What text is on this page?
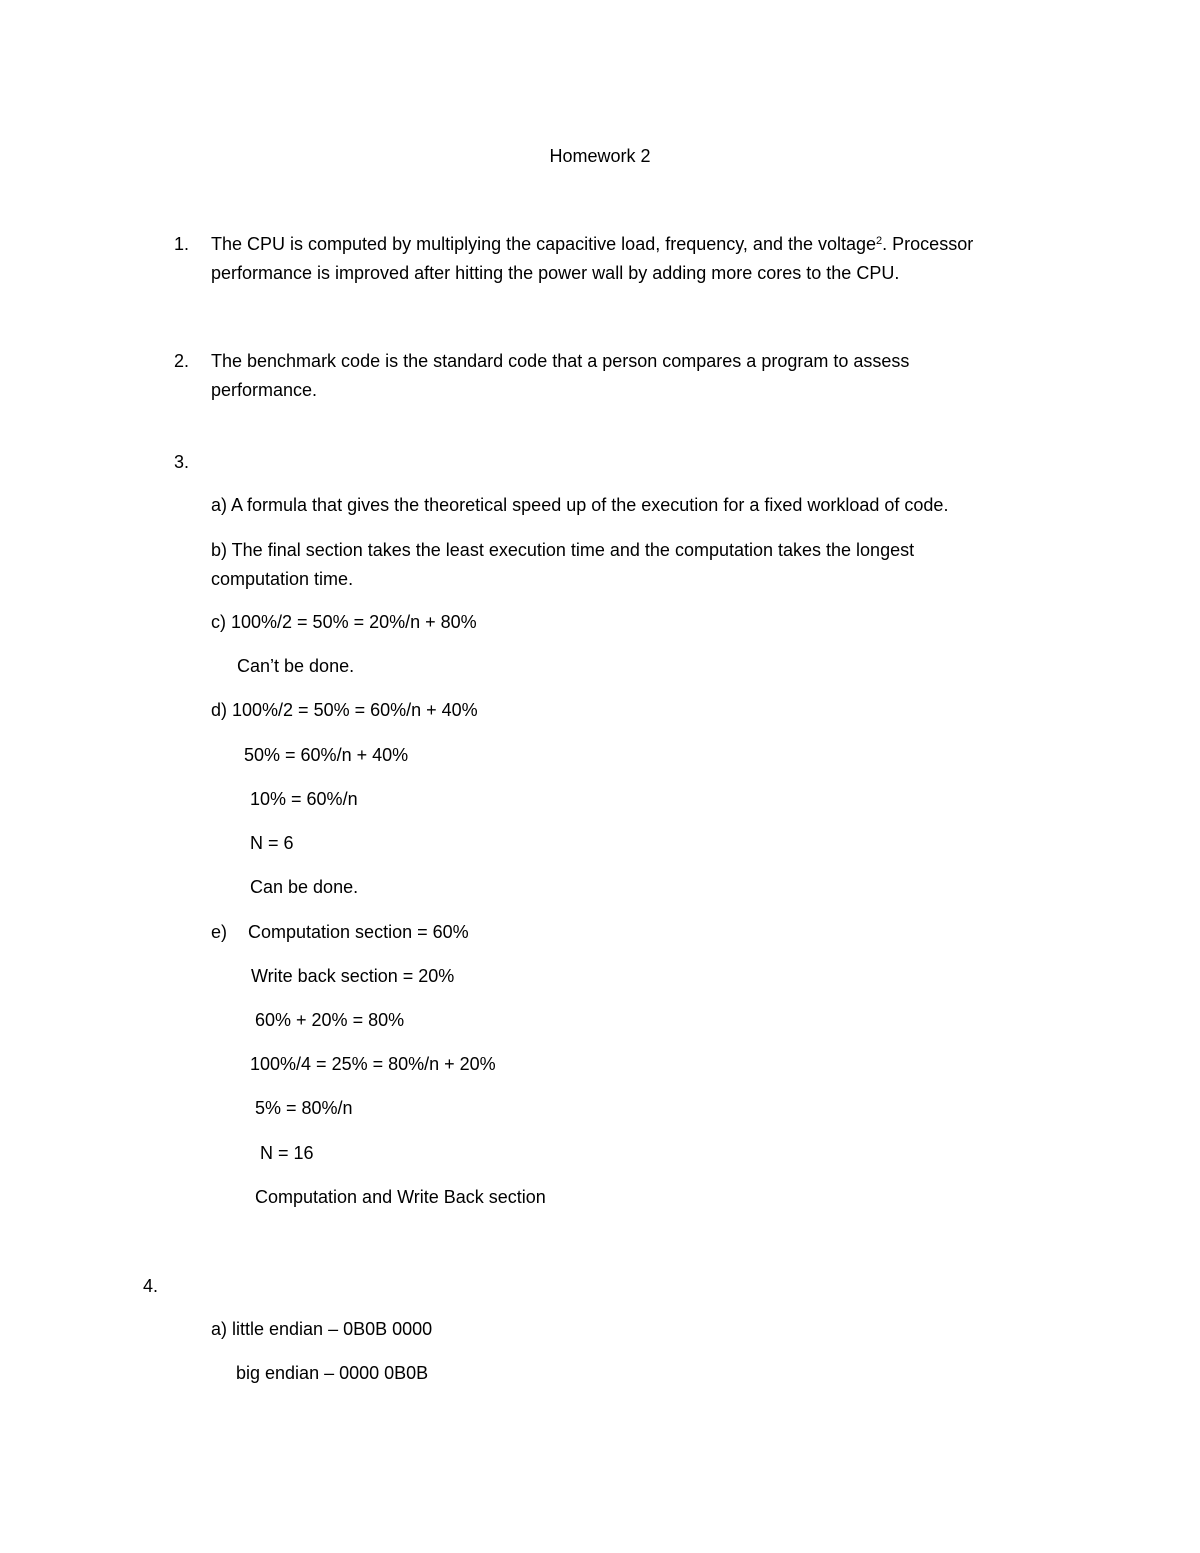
Homework 2
1. The CPU is computed by multiplying the capacitive load, frequency, and the voltage$^2$. Processor
performance is improved after hitting the power wall by adding more cores to the CPU.
2. The benchmark code is the standard code that a person compares a program to assess
performance.
3.
a) A formula that gives the theoretical speed up of the execution for a fixed workload of code.
b) The final section takes the least execution time and the computation takes the longest
computation time.
c) 100%/2 = 50% = 20%/n + 80%
Can’t be done.
d) 100%/2 = 50% = 60%/n + 40%
50% = 60%/n + 40%
10% = 60%/n
N = 6
Can be done.
e) Computation section = 60%
Write back section = 20%
60% + 20% = 80%
100%/4 = 25% = 80%/n + 20%
5% = 80%/n
N = 16
Computation and Write Back section
4.
a) little endian – 0B0B 0000
big endian – 0000 0B0B
